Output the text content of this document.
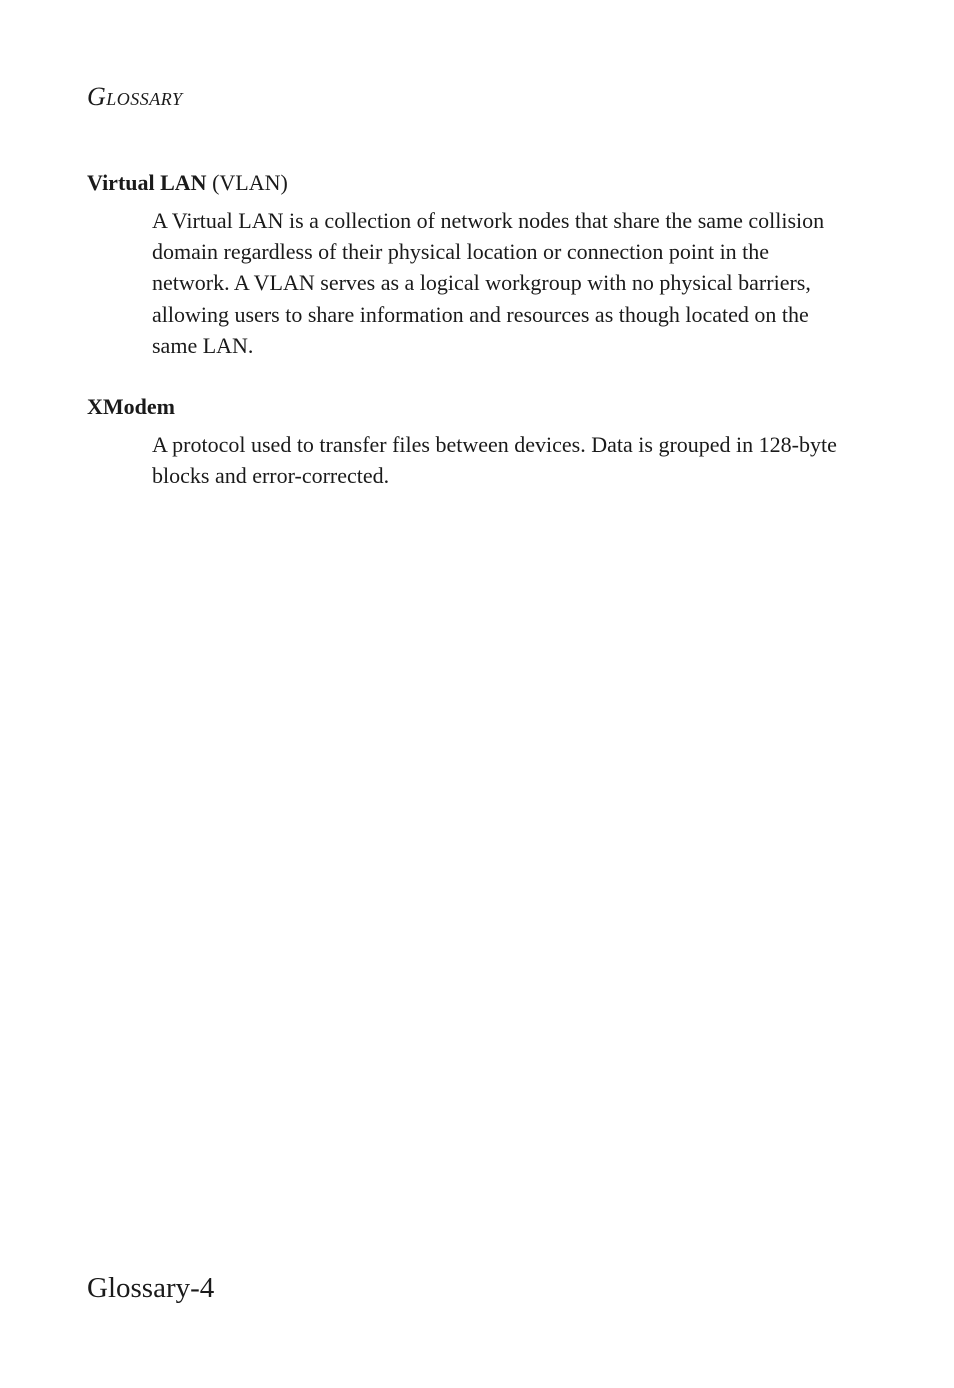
Glossary
Virtual LAN (VLAN)
A Virtual LAN is a collection of network nodes that share the same collision domain regardless of their physical location or connection point in the network. A VLAN serves as a logical workgroup with no physical barriers, allowing users to share information and resources as though located on the same LAN.
XModem
A protocol used to transfer files between devices. Data is grouped in 128-byte blocks and error-corrected.
Glossary-4
